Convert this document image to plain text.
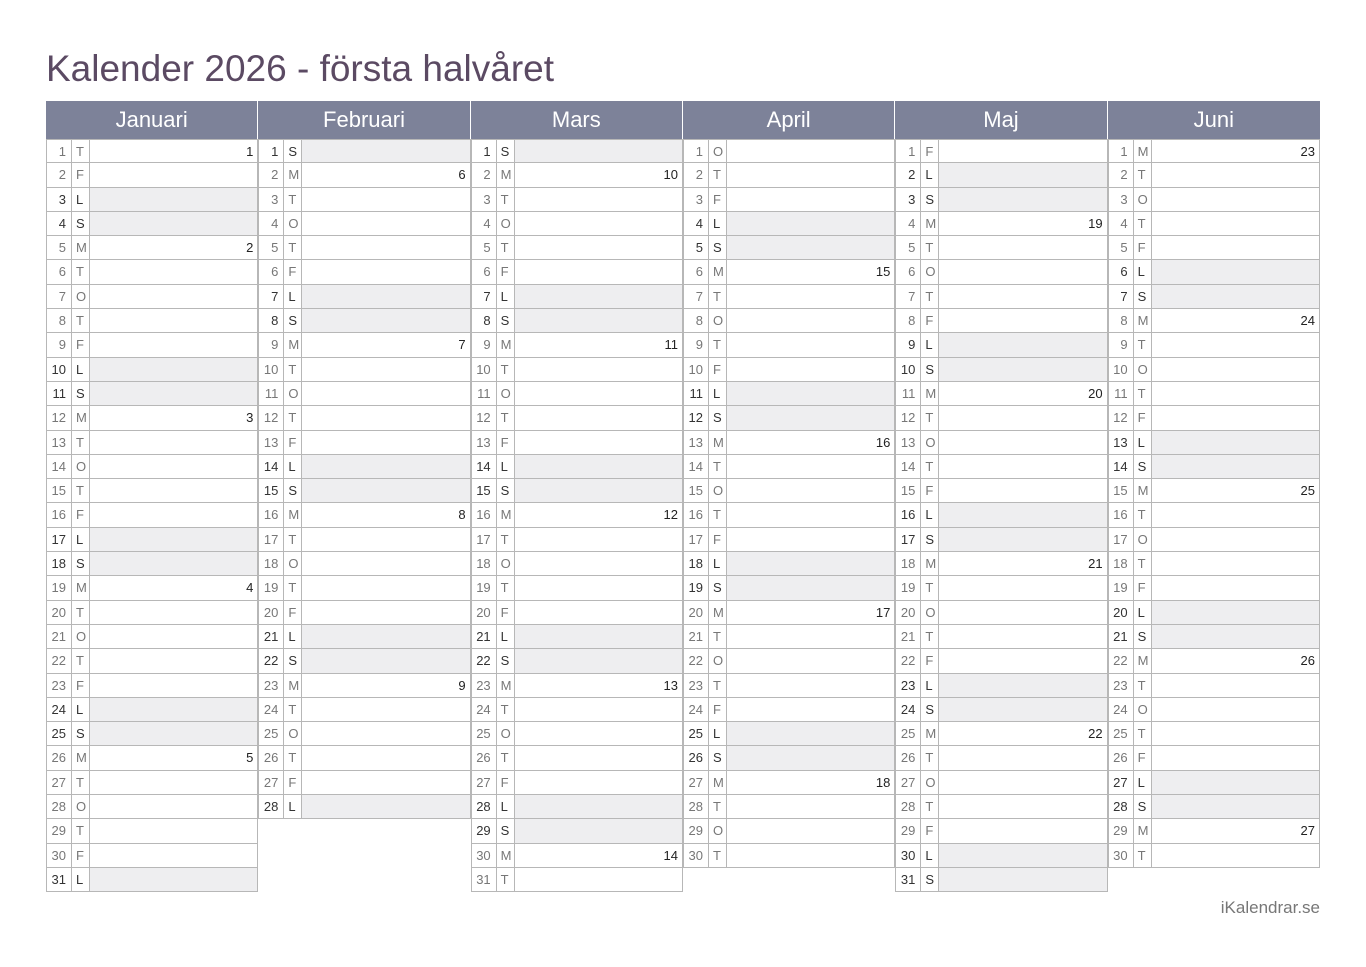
Kalender 2026 - första halvåret
Januari
1 T	1
2 F
3 L
4 S
5 M	2
6 T
7 O
8 T
9 F
10 L
11 S
12 M	3
13 T
14 O
15 T
16 F
17 L
18 S
19 M	4
20 T
21 O
22 T
23 F
24 L
25 S
26 M	5
27 T
28 O
29 T
30 F
31 L
Februari
1 S
2 M	6
3 T
4 O
5 T
6 F
7 L
8 S
9 M	7
10 T
11 O
12 T
13 F
14 L
15 S
16 M	8
17 T
18 O
19 T
20 F
21 L
22 S
23 M	9
24 T
25 O
26 T
27 F
28 L
Mars
1 S
2 M	10
3 T
4 O
5 T
6 F
7 L
8 S
9 M	11
10 T
11 O
12 T
13 F
14 L
15 S
16 M	12
17 T
18 O
19 T
20 F
21 L
22 S
23 M	13
24 T
25 O
26 T
27 F
28 L
29 S
30 M	14
31 T
April
1 O
2 T
3 F
4 L
5 S
6 M	15
7 T
8 O
9 T
10 F
11 L
12 S
13 M	16
14 T
15 O
16 T
17 F
18 L
19 S
20 M	17
21 T
22 O
23 T
24 F
25 L
26 S
27 M	18
28 T
29 O
30 T
Maj
1 F
2 L
3 S
4 M	19
5 T
6 O
7 T
8 F
9 L
10 S
11 M	20
12 T
13 O
14 T
15 F
16 L
17 S
18 M	21
19 T
20 O
21 T
22 F
23 L
24 S
25 M	22
26 T
27 O
28 T
29 F
30 L
31 S
Juni
1 M	23
2 T
3 O
4 T
5 F
6 L
7 S
8 M	24
9 T
10 O
11 T
12 F
13 L
14 S
15 M	25
16 T
17 O
18 T
19 F
20 L
21 S
22 M	26
23 T
24 O
25 T
26 F
27 L
28 S
29 M	27
30 T
iKalendrar.se
